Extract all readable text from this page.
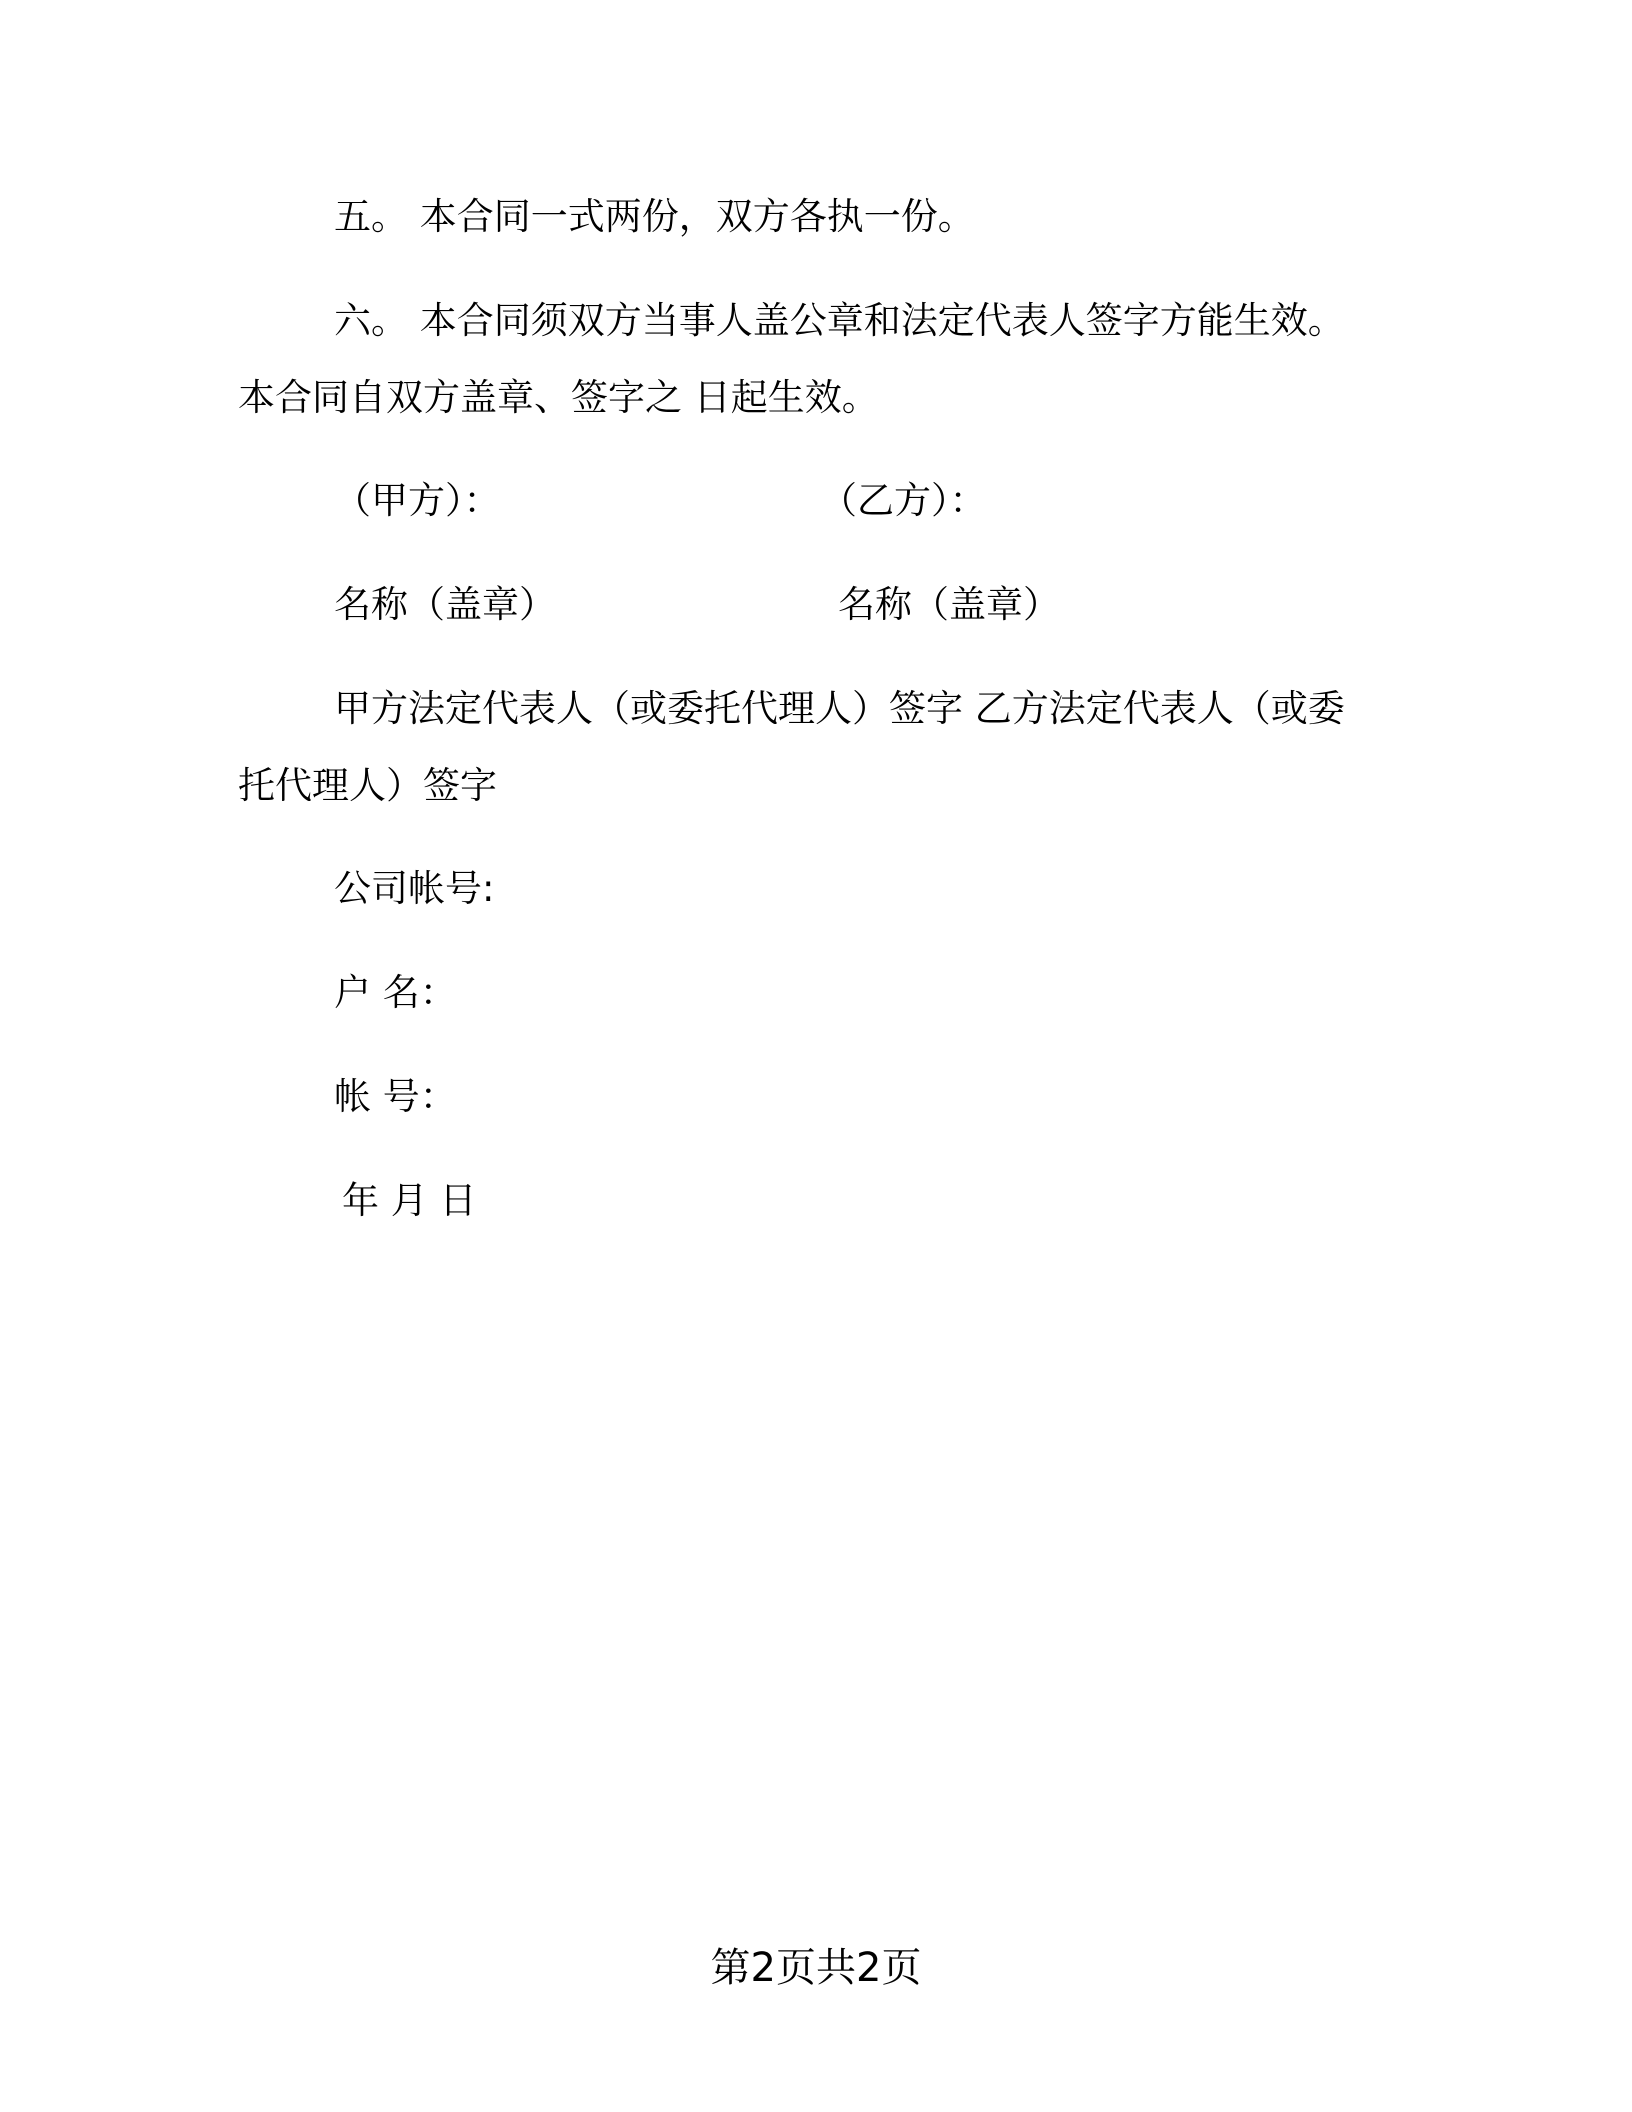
五。 本合同一式两份，双方各执一份。
六。 本合同须双方当事人盖公章和法定代表人签字方能生效。本合同自双方盖章、签字之 日起生效。
（甲方）：	（乙方）：
名称（盖章）	名称（盖章）
甲方法定代表人（或委托代理人）签字 乙方法定代表人（或委托代理人）签字
公司帐号:
户 名：
帐 号：
年 月 日
第2页共2页
